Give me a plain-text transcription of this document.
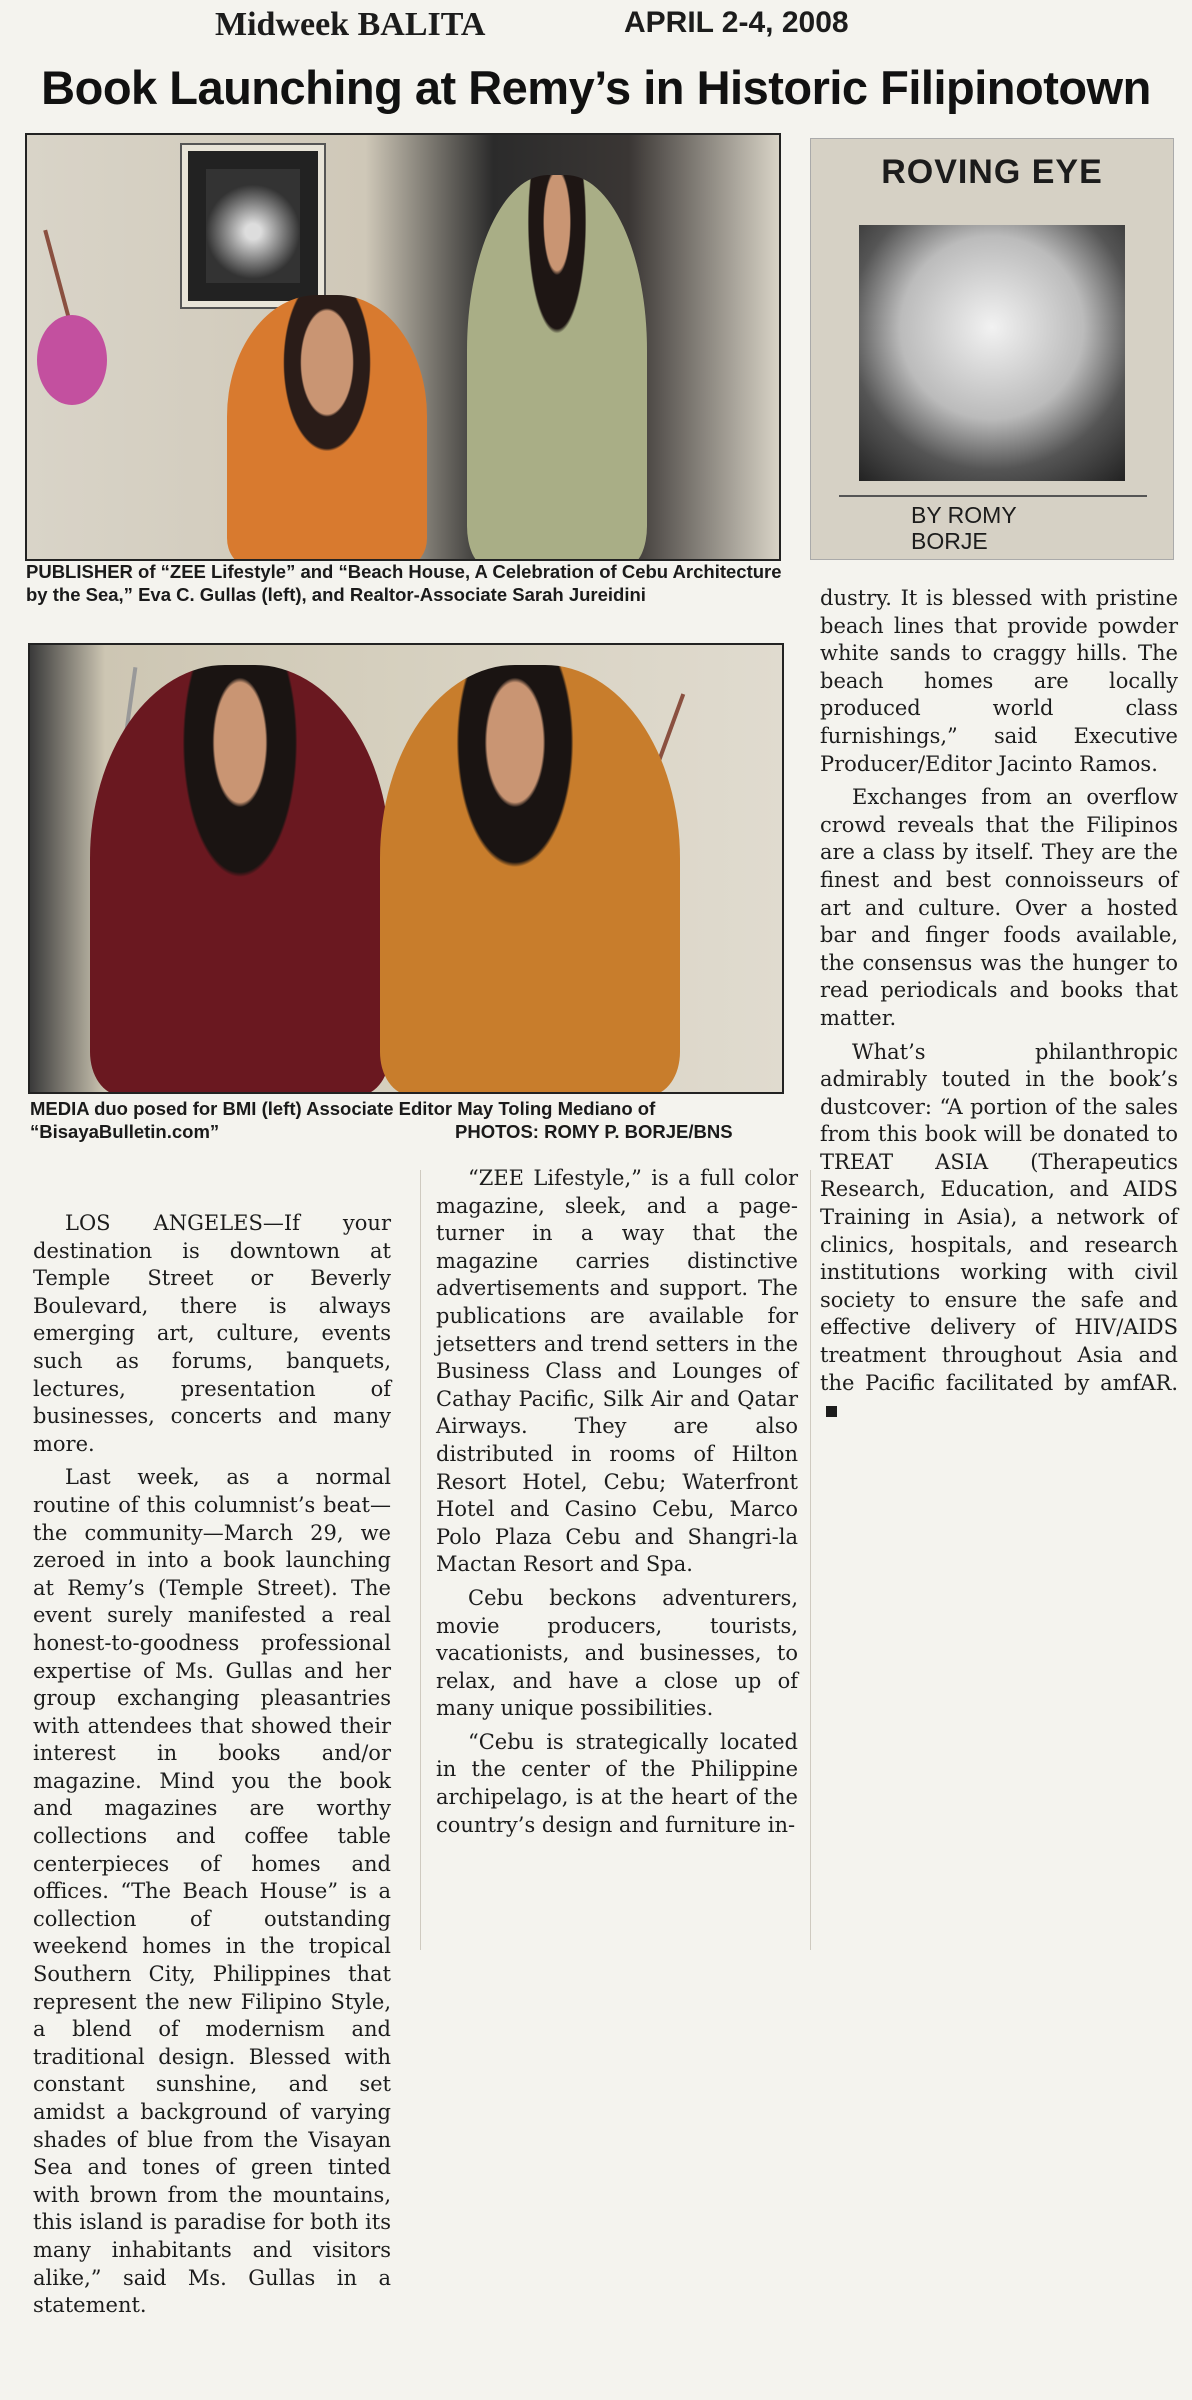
Midweek BALITA	APRIL 2-4, 2008
Book Launching at Remy’s in Historic Filipinotown
PUBLISHER of “ZEE Lifestyle” and “Beach House, A Celebration of Cebu Architecture by the Sea,” Eva C. Gullas (left), and Realtor-Associate Sarah Jureidini
ROVING EYE
BY ROMY BORJE
MEDIA duo posed for BMI (left) Associate Editor May Toling Mediano of “BisayaBulletin.com”	PHOTOS: ROMY P. BORJE/BNS

LOS ANGELES—If your destination is downtown at Temple Street or Beverly Boulevard, there is always emerging art, culture, events such as forums, banquets, lectures, presentation of businesses, concerts and many more.

Last week, as a normal routine of this columnist’s beat—the community—March 29, we zeroed in into a book launching at Remy’s (Temple Street). The event surely manifested a real honest-to-goodness professional expertise of Ms. Gullas and her group exchanging pleasantries with attendees that showed their interest in books and/or magazine. Mind you the book and magazines are worthy collections and coffee table centerpieces of homes and offices. “The Beach House” is a collection of outstanding weekend homes in the tropical Southern City, Philippines that represent the new Filipino Style, a blend of modernism and traditional design. Blessed with constant sunshine, and set amidst a background of varying shades of blue from the Visayan Sea and tones of green tinted with brown from the mountains, this island is paradise for both its many inhabitants and visitors alike,” said Ms. Gullas in a statement.

“ZEE Lifestyle,” is a full color magazine, sleek, and a page-turner in a way that the magazine carries distinctive advertisements and support. The publications are available for jetsetters and trend setters in the Business Class and Lounges of Cathay Pacific, Silk Air and Qatar Airways. They are also distributed in rooms of Hilton Resort Hotel, Cebu; Waterfront Hotel and Casino Cebu, Marco Polo Plaza Cebu and Shangri-la Mactan Resort and Spa.

Cebu beckons adventurers, movie producers, tourists, vacationists, and businesses, to relax, and have a close up of many unique possibilities.

“Cebu is strategically located in the center of the Philippine archipelago, is at the heart of the country’s design and furniture in-

dustry. It is blessed with pristine beach lines that provide powder white sands to craggy hills. The beach homes are locally produced world class furnishings,” said Executive Producer/Editor Jacinto Ramos.

Exchanges from an overflow crowd reveals that the Filipinos are a class by itself. They are the finest and best connoisseurs of art and culture. Over a hosted bar and finger foods available, the consensus was the hunger to read periodicals and books that matter.

What’s philanthropic admirably touted in the book’s dustcover: “A portion of the sales from this book will be donated to TREAT ASIA (Therapeutics Research, Education, and AIDS Training in Asia), a network of clinics, hospitals, and research institutions working with civil society to ensure the safe and effective delivery of HIV/AIDS treatment throughout Asia and the Pacific facilitated by amfAR.
